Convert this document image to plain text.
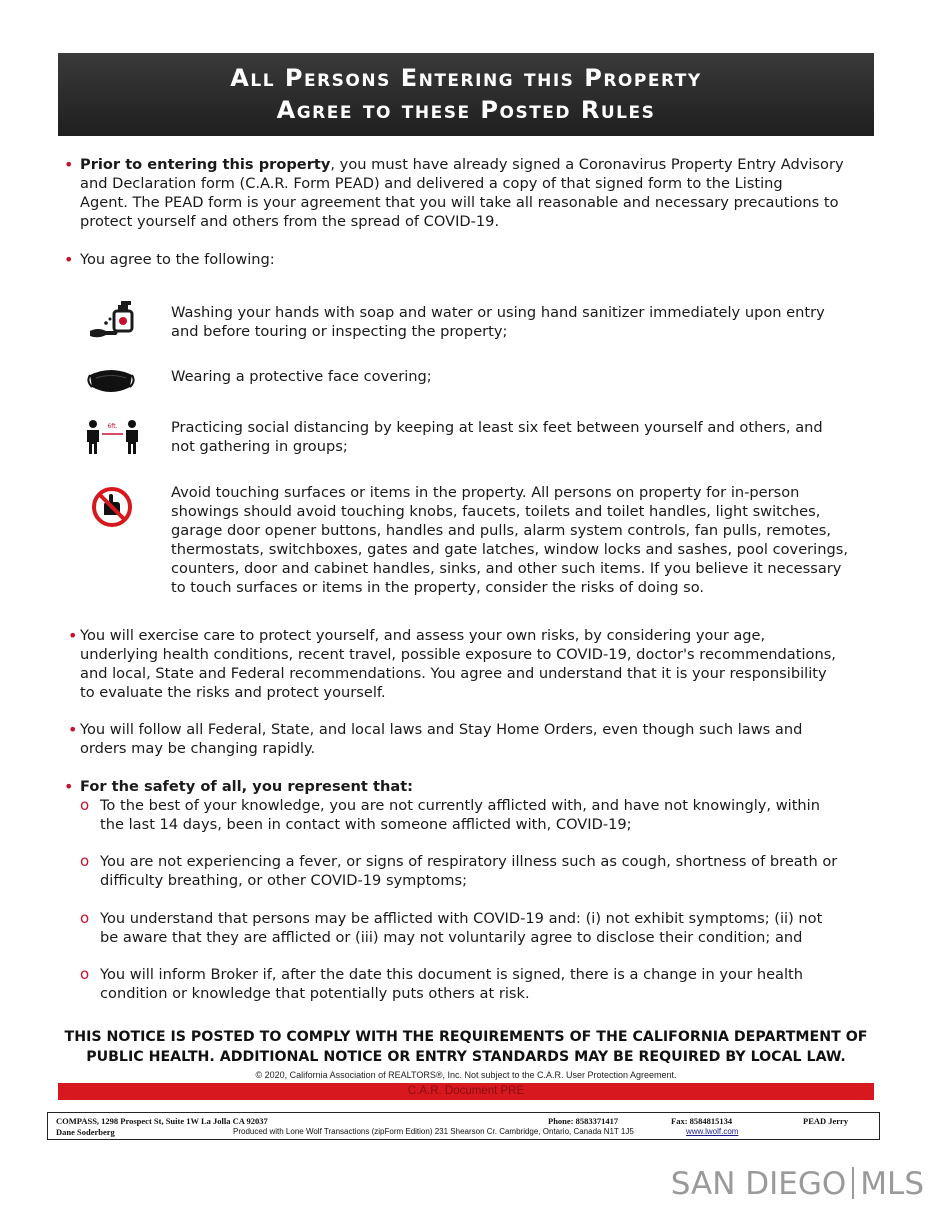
All Persons Entering this Property
Agree to these Posted Rules
• Prior to entering this property, you must have already signed a Coronavirus Property Entry Advisory
and Declaration form (C.A.R. Form PEAD) and delivered a copy of that signed form to the Listing
Agent. The PEAD form is your agreement that you will take all reasonable and necessary precautions to
protect yourself and others from the spread of COVID-19.
• You agree to the following:
Washing your hands with soap and water or using hand sanitizer immediately upon entry
and before touring or inspecting the property;
Wearing a protective face covering;
6ft.	Practicing social distancing by keeping at least six feet between yourself and others, and
not gathering in groups;
Avoid touching surfaces or items in the property. All persons on property for in-person
showings should avoid touching knobs, faucets, toilets and toilet handles, light switches,
garage door opener buttons, handles and pulls, alarm system controls, fan pulls, remotes,
thermostats, switchboxes, gates and gate latches, window locks and sashes, pool coverings,
counters, door and cabinet handles, sinks, and other such items. If you believe it necessary
to touch surfaces or items in the property, consider the risks of doing so.
• You will exercise care to protect yourself, and assess your own risks, by considering your age,
underlying health conditions, recent travel, possible exposure to COVID-19, doctor's recommendations,
and local, State and Federal recommendations. You agree and understand that it is your responsibility
to evaluate the risks and protect yourself.
• You will follow all Federal, State, and local laws and Stay Home Orders, even though such laws and
orders may be changing rapidly.
• For the safety of all, you represent that:
o To the best of your knowledge, you are not currently afflicted with, and have not knowingly, within
the last 14 days, been in contact with someone afflicted with, COVID-19;
o You are not experiencing a fever, or signs of respiratory illness such as cough, shortness of breath or
difficulty breathing, or other COVID-19 symptoms;
o You understand that persons may be afflicted with COVID-19 and: (i) not exhibit symptoms; (ii) not
be aware that they are afflicted or (iii) may not voluntarily agree to disclose their condition; and
o You will inform Broker if, after the date this document is signed, there is a change in your health
condition or knowledge that potentially puts others at risk.
THIS NOTICE IS POSTED TO COMPLY WITH THE REQUIREMENTS OF THE CALIFORNIA DEPARTMENT OF
PUBLIC HEALTH. ADDITIONAL NOTICE OR ENTRY STANDARDS MAY BE REQUIRED BY LOCAL LAW.
© 2020, California Association of REALTORS®, Inc. Not subject to the C.A.R. User Protection Agreement.
C.A.R. Document PRE
COMPASS, 1298 Prospect St, Suite 1W La Jolla CA 92037	Phone: 8583371417	Fax: 8584815134	PEAD Jerry
Dane Soderberg	Produced with Lone Wolf Transactions (zipForm Edition) 231 Shearson Cr. Cambridge, Ontario, Canada N1T 1J5	www.lwolf.com
SAN DIEGO MLS
